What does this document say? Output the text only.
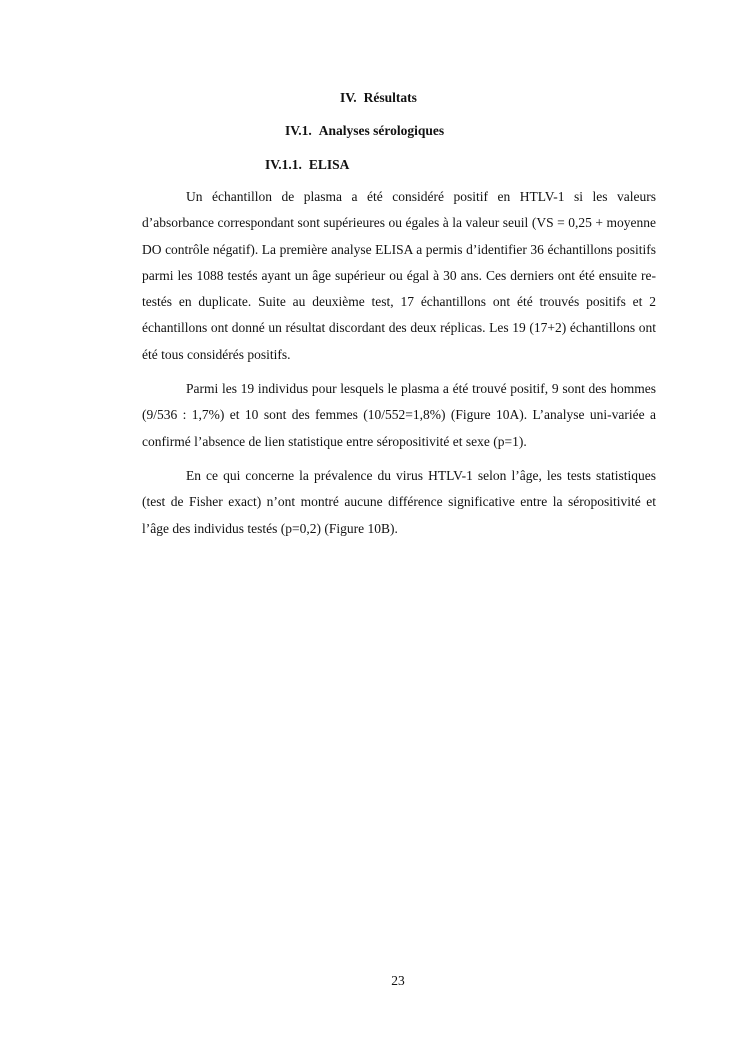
IV. Résultats
IV.1. Analyses sérologiques
IV.1.1. ELISA

Un échantillon de plasma a été considéré positif en HTLV-1 si les valeurs d’absorbance correspondant sont supérieures ou égales à la valeur seuil (VS = 0,25 + moyenne DO contrôle négatif). La première analyse ELISA a permis d’identifier 36 échantillons positifs parmi les 1088 testés ayant un âge supérieur ou égal à 30 ans. Ces derniers ont été ensuite re-testés en duplicate. Suite au deuxième test, 17 échantillons ont été trouvés positifs et 2 échantillons ont donné un résultat discordant des deux réplicas. Les 19 (17+2) échantillons ont été tous considérés positifs.

Parmi les 19 individus pour lesquels le plasma a été trouvé positif, 9 sont des hommes (9/536 : 1,7%) et 10 sont des femmes (10/552=1,8%) (Figure 10A). L’analyse uni-variée a confirmé l’absence de lien statistique entre séropositivité et sexe (p=1).

En ce qui concerne la prévalence du virus HTLV-1 selon l’âge, les tests statistiques (test de Fisher exact) n’ont montré aucune différence significative entre la séropositivité et l’âge des individus testés (p=0,2) (Figure 10B).

23
